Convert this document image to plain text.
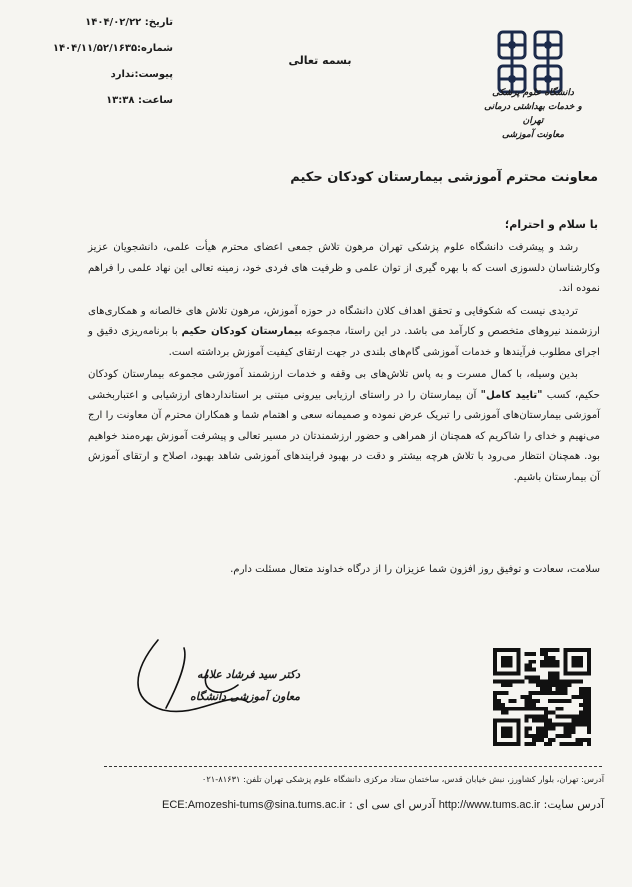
تاریخ: ۱۴۰۴/۰۲/۲۲
شماره:۱۴۰۴/۱۱/۵۲/۱۶۳۵
پیوست:ندارد
ساعت: ۱۳:۳۸
بسمه تعالی
دانشگاه علوم پزشکی
و خدمات بهداشتی درمانی تهران
معاونت آموزشی
معاونت محترم آموزشی بیمارستان کودکان حکیم
با سلام و احترام؛

رشد و پیشرفت دانشگاه علوم پزشکی تهران مرهون تلاش جمعی اعضای محترم هیأت علمی، دانشجویان عزیز وکارشناسان دلسوزی است که با بهره گیری از توان علمی و ظرفیت های فردی خود، زمینه تعالی این نهاد علمی را فراهم نموده اند.

تردیدی نیست که شکوفایی و تحقق اهداف کلان دانشگاه در حوزه آموزش، مرهون تلاش های خالصانه و همکاری‌های ارزشمند نیروهای متخصص و کارآمد می باشد. در این راستا، مجموعه بیمارستان کودکان حکیم با برنامه‌ریزی دقیق و اجرای مطلوب فرآیندها و خدمات آموزشی گام‌های بلندی در جهت ارتقای کیفیت آموزش برداشته است.

بدین وسیله، با کمال مسرت و به پاس تلاش‌های بی وقفه و خدمات ارزشمند آموزشی مجموعه بیمارستان کودکان حکیم، کسب "تایید کامل" آن بیمارستان را در راستای ارزیابی بیرونی مبتنی بر استانداردهای ارزشیابی و اعتباربخشی آموزشی بیمارستان‌های آموزشی را تبریک عرض نموده و صمیمانه سعی و اهتمام شما و همکاران محترم آن معاونت را ارج می‌نهیم و خدای را شاکریم که همچنان از همراهی و حضور ارزشمندتان در مسیر تعالی و پیشرفت آموزش بهره‌مند خواهیم بود. همچنان انتظار می‌رود با تلاش هرچه بیشتر و دقت در بهبود فرایندهای آموزشی شاهد بهبود، اصلاح و ارتقای آموزش آن بیمارستان باشیم.

سلامت، سعادت و توفیق روز افزون شما عزیزان را از درگاه خداوند متعال مسئلت دارم.
دکتر سید فرشاد علامه
معاون آموزشی دانشگاه
آدرس: تهران، بلوار کشاورز، نبش خیابان قدس، ساختمان ستاد مرکزی دانشگاه علوم پزشکی تهران تلفن: ۸۱۶۳۱-۰۲۱
آدرس سایت: http://www.tums.ac.ir آدرس ای سی ای : ECE:Amozeshi-tums@sina.tums.ac.ir
